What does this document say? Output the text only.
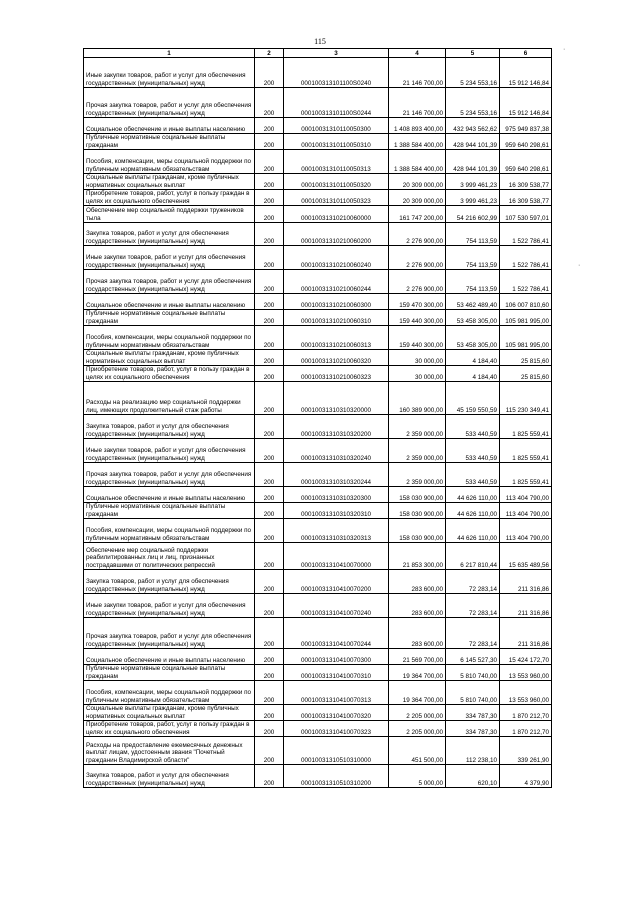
115
·
·
1	2	3	4	5	6
Иные закупки товаров, работ и услуг для обеспечения государственных (муниципальных) нужд	200	000100313101100S0240	21 146 700,00	5 234 553,16	15 912 146,84
Прочая закупка товаров, работ и услуг для обеспечения государственных (муниципальных) нужд	200	000100313101100S0244	21 146 700,00	5 234 553,16	15 912 146,84
Социальное обеспечение и иные выплаты населению	200	00010031310110050300	1 408 893 400,00	432 943 562,62	975 949 837,38
Публичные нормативные социальные выплаты гражданам	200	00010031310110050310	1 388 584 400,00	428 944 101,39	959 640 298,61
Пособия, компенсации, меры социальной поддержки по публичным нормативным обязательствам	200	00010031310110050313	1 388 584 400,00	428 944 101,39	959 640 298,61
Социальные выплаты гражданам, кроме публичных нормативных социальных выплат	200	00010031310110050320	20 309 000,00	3 999 461,23	16 309 538,77
Приобретение товаров, работ, услуг в пользу граждан в целях их социального обеспечения	200	00010031310110050323	20 309 000,00	3 999 461,23	16 309 538,77
Обеспечение мер социальной поддержки тружеников тыла	200	00010031310210060000	161 747 200,00	54 216 602,99	107 530 597,01
Закупка товаров, работ и услуг для обеспечения государственных (муниципальных) нужд	200	00010031310210060200	2 276 900,00	754 113,59	1 522 786,41
Иные закупки товаров, работ и услуг для обеспечения государственных (муниципальных) нужд	200	00010031310210060240	2 276 900,00	754 113,59	1 522 786,41
Прочая закупка товаров, работ и услуг для обеспечения государственных (муниципальных) нужд	200	00010031310210060244	2 276 900,00	754 113,59	1 522 786,41
Социальное обеспечение и иные выплаты населению	200	00010031310210060300	159 470 300,00	53 462 489,40	106 007 810,60
Публичные нормативные социальные выплаты гражданам	200	00010031310210060310	159 440 300,00	53 458 305,00	105 981 995,00
Пособия, компенсации, меры социальной поддержки по публичным нормативным обязательствам	200	00010031310210060313	159 440 300,00	53 458 305,00	105 981 995,00
Социальные выплаты гражданам, кроме публичных нормативных социальных выплат	200	00010031310210060320	30 000,00	4 184,40	25 815,60
Приобретение товаров, работ, услуг в пользу граждан в целях их социального обеспечения	200	00010031310210060323	30 000,00	4 184,40	25 815,60
Расходы на реализацию мер социальной поддержки лиц, имеющих продолжительный стаж работы	200	00010031310310320000	160 389 900,00	45 159 550,59	115 230 349,41
Закупка товаров, работ и услуг для обеспечения государственных (муниципальных) нужд	200	00010031310310320200	2 359 000,00	533 440,59	1 825 559,41
Иные закупки товаров, работ и услуг для обеспечения государственных (муниципальных) нужд	200	00010031310310320240	2 359 000,00	533 440,59	1 825 559,41
Прочая закупка товаров, работ и услуг для обеспечения государственных (муниципальных) нужд	200	00010031310310320244	2 359 000,00	533 440,59	1 825 559,41
Социальное обеспечение и иные выплаты населению	200	00010031310310320300	158 030 900,00	44 626 110,00	113 404 790,00
Публичные нормативные социальные выплаты гражданам	200	00010031310310320310	158 030 900,00	44 626 110,00	113 404 790,00
Пособия, компенсации, меры социальной поддержки по публичным нормативным обязательствам	200	00010031310310320313	158 030 900,00	44 626 110,00	113 404 790,00
Обеспечение мер социальной поддержки реабилитированных лиц и лиц, признанных пострадавшими от политических репрессий	200	00010031310410070000	21 853 300,00	6 217 810,44	15 635 489,56
Закупка товаров, работ и услуг для обеспечения государственных (муниципальных) нужд	200	00010031310410070200	283 600,00	72 283,14	211 316,86
Иные закупки товаров, работ и услуг для обеспечения государственных (муниципальных) нужд	200	00010031310410070240	283 600,00	72 283,14	211 316,86
Прочая закупка товаров, работ и услуг для обеспечения государственных (муниципальных) нужд	200	00010031310410070244	283 600,00	72 283,14	211 316,86
Социальное обеспечение и иные выплаты населению	200	00010031310410070300	21 569 700,00	6 145 527,30	15 424 172,70
Публичные нормативные социальные выплаты гражданам	200	00010031310410070310	19 364 700,00	5 810 740,00	13 553 960,00
Пособия, компенсации, меры социальной поддержки по публичным нормативным обязательствам	200	00010031310410070313	19 364 700,00	5 810 740,00	13 553 960,00
Социальные выплаты гражданам, кроме публичных нормативных социальных выплат	200	00010031310410070320	2 205 000,00	334 787,30	1 870 212,70
Приобретение товаров, работ, услуг в пользу граждан в целях их социального обеспечения	200	00010031310410070323	2 205 000,00	334 787,30	1 870 212,70
Расходы на предоставление ежемесячных денежных выплат лицам, удостоенным звания "Почетный гражданин Владимирской области"	200	00010031310510310000	451 500,00	112 238,10	339 261,90
Закупка товаров, работ и услуг для обеспечения государственных (муниципальных) нужд	200	00010031310510310200	5 000,00	620,10	4 379,90
